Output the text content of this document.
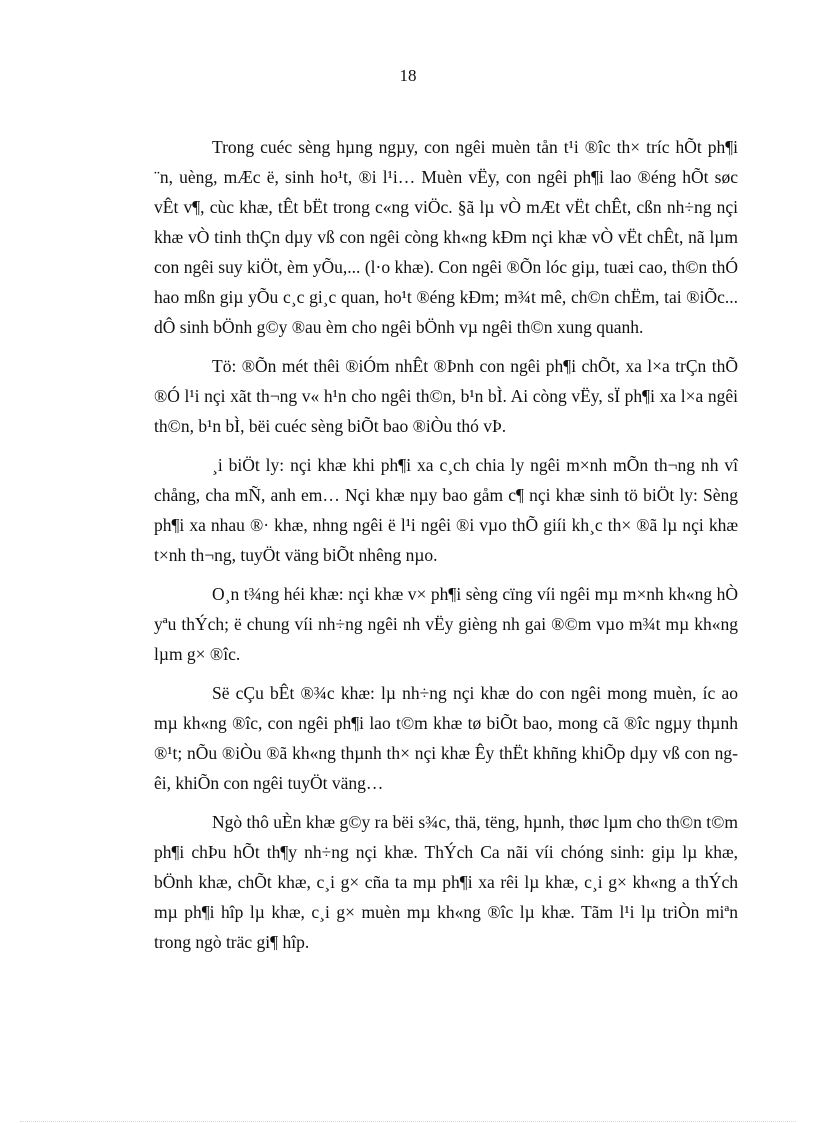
18

Trong cuéc sèng hµng ngµy, con ngêi muèn tån t¹i ®îc th× tríc hÕt ph¶i ¨n, uèng, mÆc ë, sinh ho¹t, ®i l¹i… Muèn vËy, con ngêi ph¶i lao ®éng hÕt søc vÊt v¶, cùc khæ, tÊt bËt trong c«ng viÖc. §ã lµ vÒ mÆt vËt chÊt, cßn nh÷ng nçi khæ vÒ tinh thÇn dµy vß con ngêi còng kh«ng kÐm nçi khæ vÒ vËt chÊt, nã lµm con ngêi suy kiÖt, èm yÕu,... (l·o khæ). Con ngêi ®Õn lóc giµ, tuæi cao, th©n thÓ hao mßn giµ yÕu c¸c gi¸c quan, ho¹t ®éng kÐm; m¾t mê, ch©n chËm, tai ®iÕc... dÔ sinh bÖnh g©y ®au èm cho ngêi bÖnh vµ ngêi th©n xung quanh.

Tö: ®Õn mét thêi ®iÓm nhÊt ®Þnh con ngêi ph¶i chÕt, xa l×a trÇn thÕ ®Ó l¹i nçi xãt th¬ng v« h¹n cho ngêi th©n, b¹n bÌ. Ai còng vËy, sÏ ph¶i xa l×a ngêi th©n, b¹n bÌ, bëi cuéc sèng biÕt bao ®iÒu thó vÞ.

¸i biÖt ly: nçi khæ khi ph¶i xa c¸ch chia ly ngêi m×nh mÕn th¬ng nh vî chång, cha mÑ, anh em… Nçi khæ nµy bao gåm c¶ nçi khæ sinh tö biÖt ly: Sèng ph¶i xa nhau ®· khæ, nhng ngêi ë l¹i ngêi ®i vµo thÕ giíi kh¸c th× ®ã lµ nçi khæ t×nh th¬ng, tuyÖt väng biÕt nhêng nµo.

O¸n t¾ng héi khæ: nçi khæ v× ph¶i sèng cïng víi ngêi mµ m×nh kh«ng hÒ yªu thÝch; ë chung víi nh÷ng ngêi nh vËy gièng nh gai ®©m vµo m¾t mµ kh«ng lµm g× ®îc.

Së cÇu bÊt ®¾c khæ: lµ nh÷ng nçi khæ do con ngêi mong muèn, íc ao mµ kh«ng ®îc, con ngêi ph¶i lao t©m khæ tø biÕt bao, mong cã ®îc ngµy thµnh ®¹t; nÕu ®iÒu ®ã kh«ng thµnh th× nçi khæ Êy thËt khñng khiÕp dµy vß con ngêi, khiÕn con ngêi tuyÖt väng…

Ngò thô uÈn khæ g©y ra bëi s¾c, thä, tëng, hµnh, thøc lµm cho th©n t©m ph¶i chÞu hÕt th¶y nh÷ng nçi khæ. ThÝch Ca nãi víi chóng sinh: giµ lµ khæ, bÖnh khæ, chÕt khæ, c¸i g× cña ta mµ ph¶i xa rêi lµ khæ, c¸i g× kh«ng a thÝch mµ ph¶i hîp lµ khæ, c¸i g× muèn mµ kh«ng ®îc lµ khæ. Tãm l¹i lµ triÒn miªn trong ngò träc gi¶ hîp.
